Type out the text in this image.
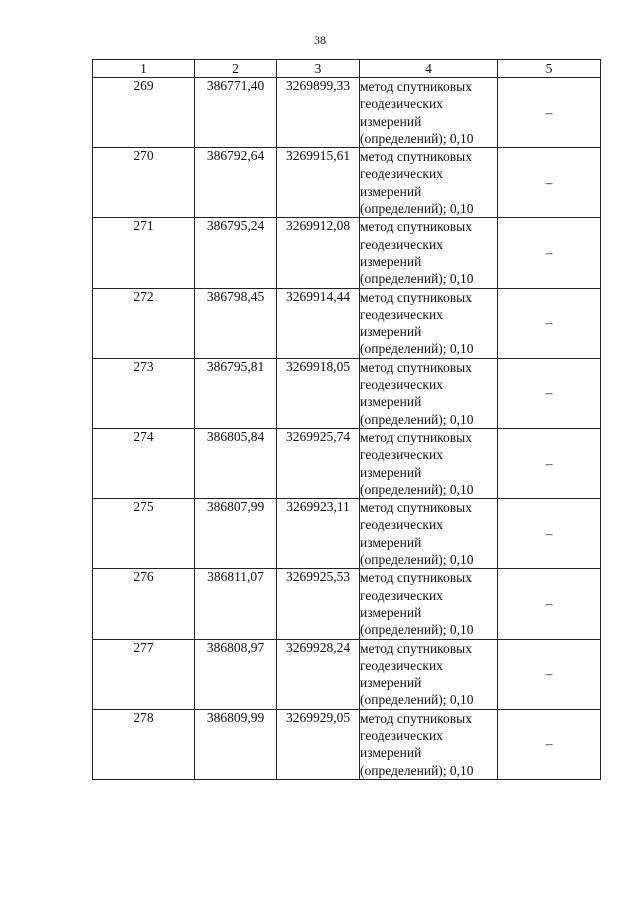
38
1	2	3	4	5
269	386771,40	3269899,33	метод спутниковых
геодезических
измерений
(определений); 0,10	–
270	386792,64	3269915,61	метод спутниковых
геодезических
измерений
(определений); 0,10	–
271	386795,24	3269912,08	метод спутниковых
геодезических
измерений
(определений); 0,10	–
272	386798,45	3269914,44	метод спутниковых
геодезических
измерений
(определений); 0,10	–
273	386795,81	3269918,05	метод спутниковых
геодезических
измерений
(определений); 0,10	–
274	386805,84	3269925,74	метод спутниковых
геодезических
измерений
(определений); 0,10	–
275	386807,99	3269923,11	метод спутниковых
геодезических
измерений
(определений); 0,10	–
276	386811,07	3269925,53	метод спутниковых
геодезических
измерений
(определений); 0,10	–
277	386808,97	3269928,24	метод спутниковых
геодезических
измерений
(определений); 0,10	–
278	386809,99	3269929,05	метод спутниковых
геодезических
измерений
(определений); 0,10	–
